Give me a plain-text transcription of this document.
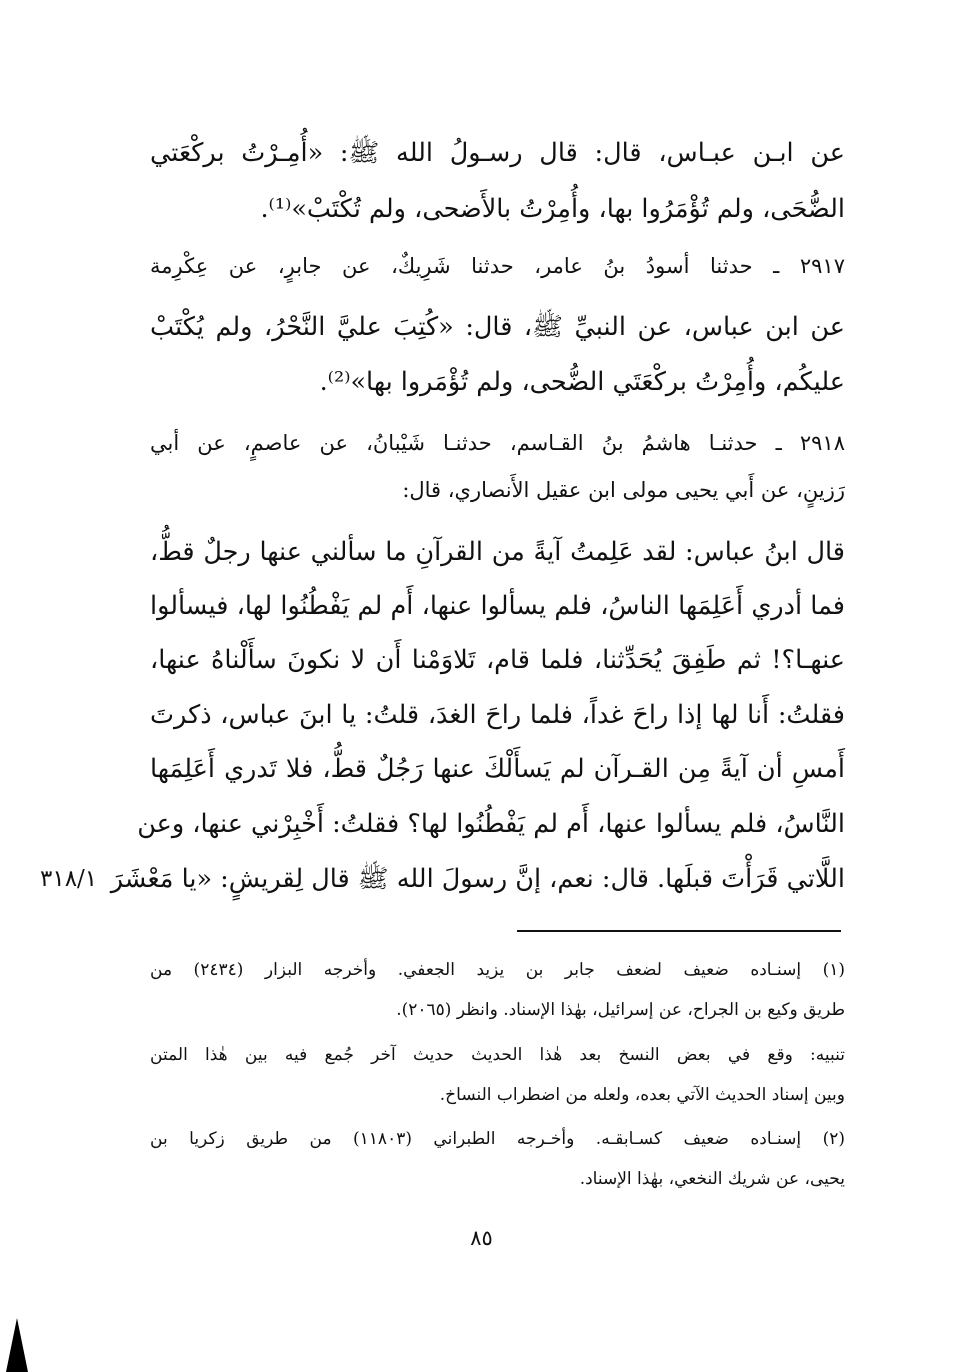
عن ابـن عبـاس، قال: قال رسـولُ الله ﷺ: «أُمِـرْتُ بركْعَتي
الضُّحَى، ولم تُؤْمَرُوا بها، وأُمِرْتُ بالأَضحى، ولم تُكْتَبْ»⁽¹⁾.
٢٩١٧ ـ حدثنا أسودُ بنُ عامر، حدثنا شَرِيكٌ، عن جابرٍ، عن عِكْرِمة
عن ابن عباس، عن النبيِّ ﷺ، قال: «كُتِبَ عليَّ النَّحْرُ، ولم يُكْتَبْ
عليكُم، وأُمِرْتُ بركْعَتَي الضُّحى، ولم تُؤْمَروا بها»⁽²⁾.
٢٩١٨ ـ حدثنـا هاشمُ بنُ القـاسم، حدثنـا شَيْبانُ، عن عاصمٍ، عن أبي
رَزينٍ، عن أَبي يحيى مولى ابن عقيل الأَنصاري، قال:
قال ابنُ عباس: لقد عَلِمتُ آيةً من القرآنِ ما سألني عنها رجلٌ قطُّ،
فما أدري أَعَلِمَها الناسُ، فلم يسألوا عنها، أَم لم يَفْطُنُوا لها، فيسألوا
عنهـا؟! ثم طَفِقَ يُحَدِّثنا، فلما قام، تَلاوَمْنا أَن لا نكونَ سأَلْناهُ عنها،
فقلتُ: أَنا لها إذا راحَ غداً، فلما راحَ الغدَ، قلتُ: يا ابنَ عباس، ذكرتَ
أَمسِ أن آيةً مِن القـرآن لم يَسأَلْكَ عنها رَجُلٌ قطُّ، فلا تَدري أَعَلِمَها
النَّاسُ، فلم يسألوا عنها، أَم لم يَفْطُنُوا لها؟ فقلتُ: أَخْبِرْني عنها، وعن
اللَّاتي قَرَأْتَ قبلَها. قال: نعم، إنَّ رسولَ الله ﷺ قال لِقريشٍ: «يا مَعْشَرَ
٣١٨/١
(١) إسنـاده ضعيف لضعف جابر بن يزيد الجعفي. وأخرجه البزار (٢٤٣٤) من
طريق وكيع بن الجراح، عن إسرائيل، بهٰذا الإسناد. وانظر (٢٠٦٥).
تنبيه: وقع في بعض النسخ بعد هٰذا الحديث حديث آخر جُمع فيه بين هٰذا المتن
وبين إسناد الحديث الآتي بعده، ولعله من اضطراب النساخ.
(٢) إسنـاده ضعيف كسـابقـه. وأخـرجه الطبراني (١١٨٠٣) من طريق زكريا بن
يحيى، عن شريك النخعي، بهٰذا الإسناد.
٨٥
